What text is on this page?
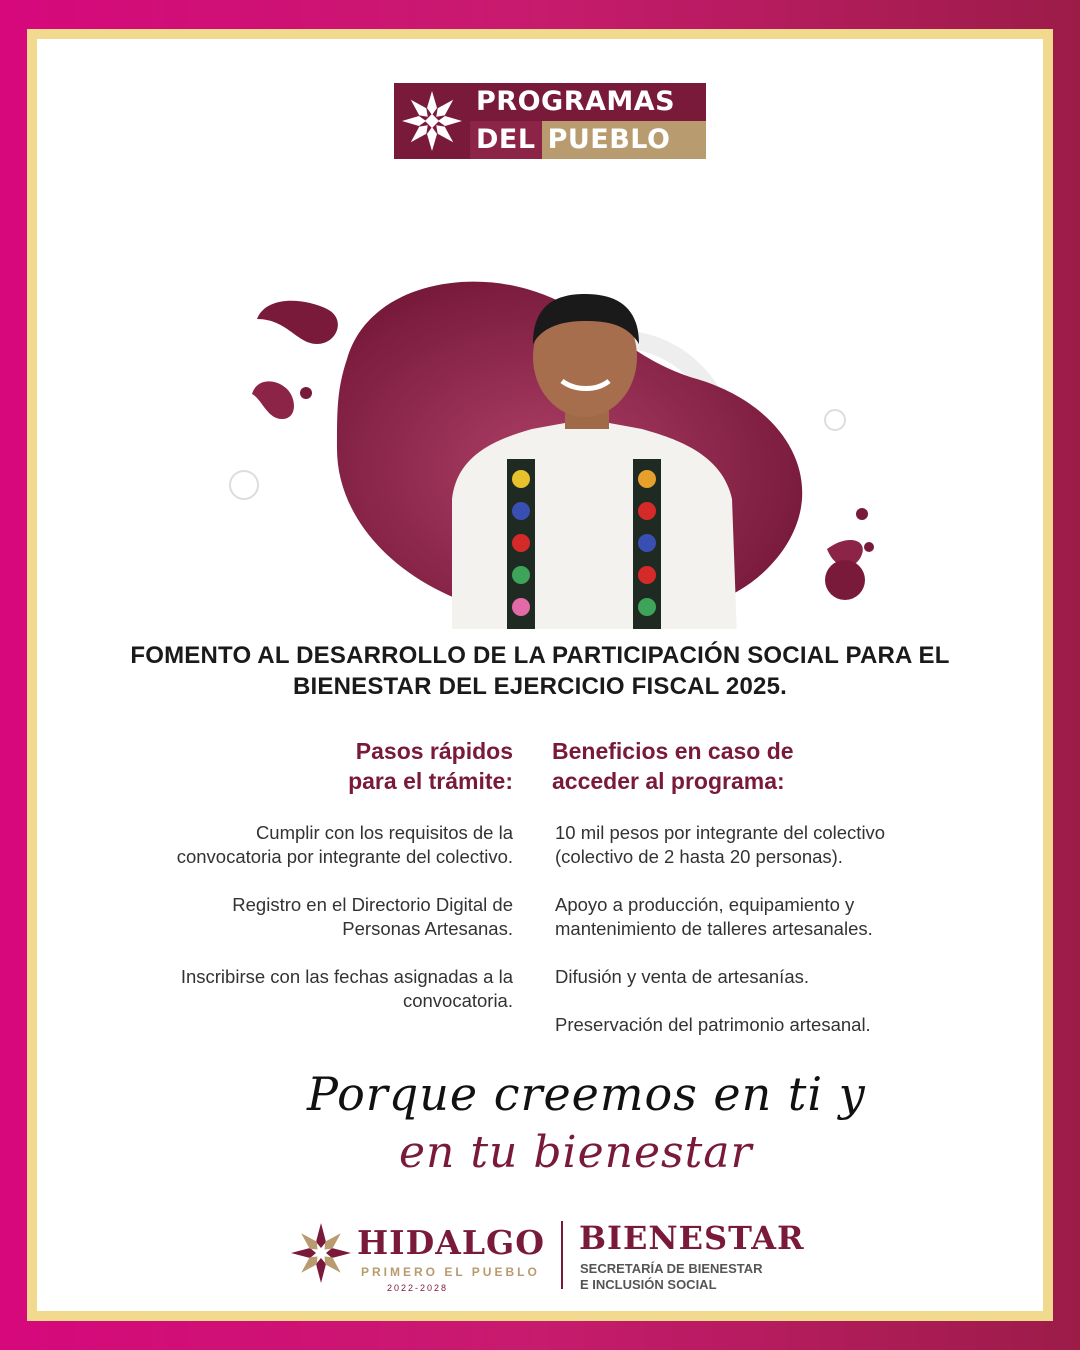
PROGRAMAS
DEL PUEBLO
FOMENTO AL DESARROLLO DE LA PARTICIPACIÓN SOCIAL PARA EL
BIENESTAR DEL EJERCICIO FISCAL 2025.
Pasos rápidos
para el trámite:
Cumplir con los requisitos de la
convocatoria por integrante del colectivo.
Registro en el Directorio Digital de
Personas Artesanas.
Inscribirse con las fechas asignadas a la
convocatoria.
Beneficios en caso de
acceder al programa:
10 mil pesos por integrante del colectivo
(colectivo de 2 hasta 20 personas).
Apoyo a producción, equipamiento y
mantenimiento de talleres artesanales.
Difusión y venta de artesanías.
Preservación del patrimonio artesanal.
Porque creemos en ti y
en tu bienestar
HIDALGO
PRIMERO EL PUEBLO
2022-2028
BIENESTAR
SECRETARÍA DE BIENESTAR
E INCLUSIÓN SOCIAL
